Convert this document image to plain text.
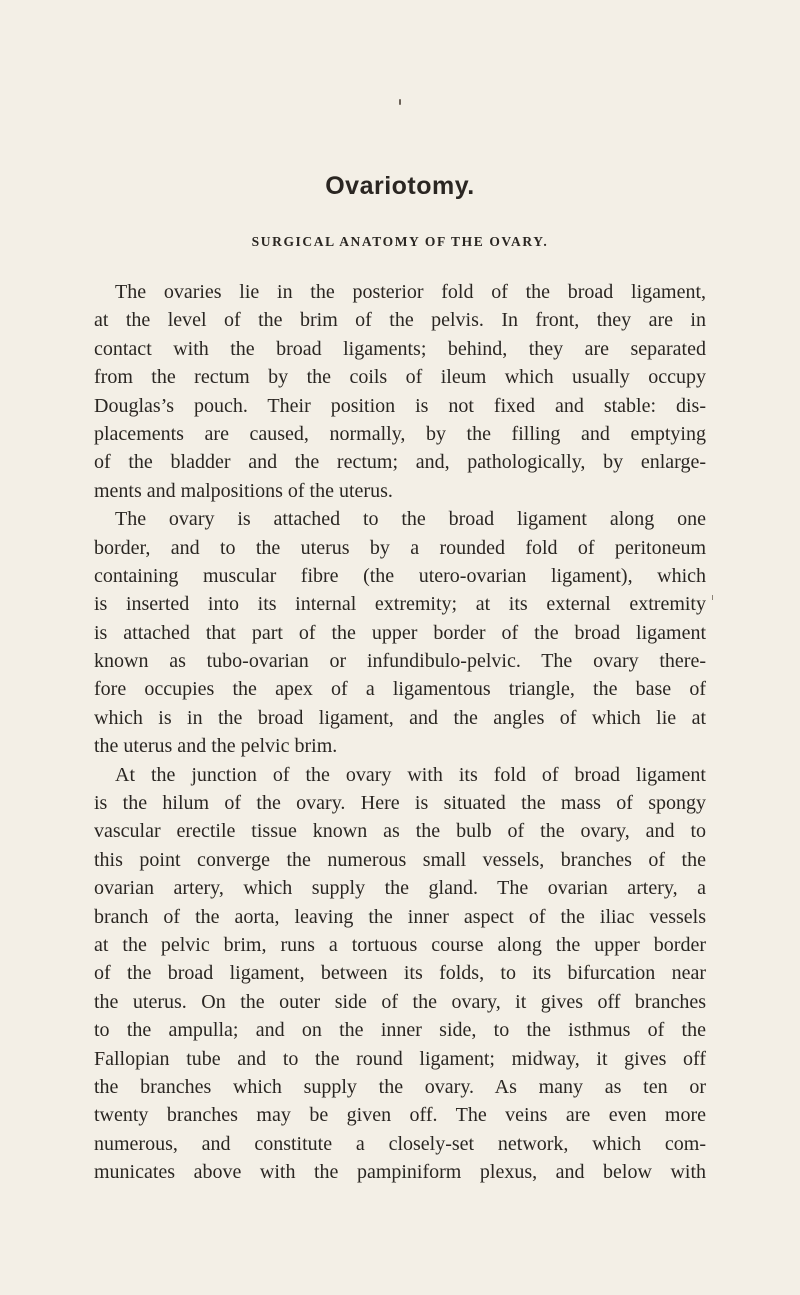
Ovariotomy.
SURGICAL ANATOMY OF THE OVARY.
The ovaries lie in the posterior fold of the broad ligament,
at the level of the brim of the pelvis. In front, they are in
contact with the broad ligaments; behind, they are separated
from the rectum by the coils of ileum which usually occupy
Douglas’s pouch. Their position is not fixed and stable: dis-
placements are caused, normally, by the filling and emptying
of the bladder and the rectum; and, pathologically, by enlarge-
ments and malpositions of the uterus.
The ovary is attached to the broad ligament along one
border, and to the uterus by a rounded fold of peritoneum
containing muscular fibre (the utero-ovarian ligament), which
is inserted into its internal extremity; at its external extremity
is attached that part of the upper border of the broad ligament
known as tubo-ovarian or infundibulo-pelvic. The ovary there-
fore occupies the apex of a ligamentous triangle, the base of
which is in the broad ligament, and the angles of which lie at
the uterus and the pelvic brim.
At the junction of the ovary with its fold of broad ligament
is the hilum of the ovary. Here is situated the mass of spongy
vascular erectile tissue known as the bulb of the ovary, and to
this point converge the numerous small vessels, branches of the
ovarian artery, which supply the gland. The ovarian artery, a
branch of the aorta, leaving the inner aspect of the iliac vessels
at the pelvic brim, runs a tortuous course along the upper border
of the broad ligament, between its folds, to its bifurcation near
the uterus. On the outer side of the ovary, it gives off branches
to the ampulla; and on the inner side, to the isthmus of the
Fallopian tube and to the round ligament; midway, it gives off
the branches which supply the ovary. As many as ten or
twenty branches may be given off. The veins are even more
numerous, and constitute a closely-set network, which com-
municates above with the pampiniform plexus, and below with
